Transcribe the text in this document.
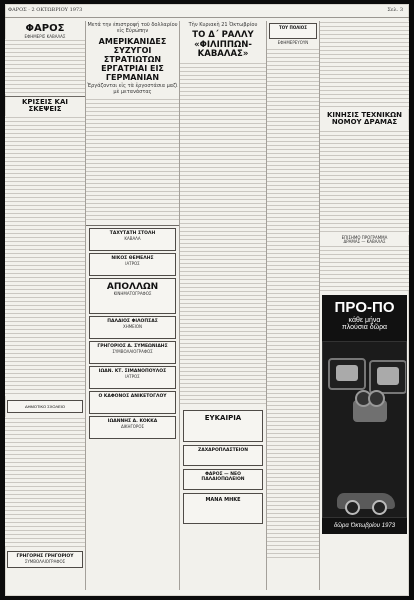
ΦΑΡΟΣ · 2 ΟΚΤΩΒΡΙΟΥ 1973	Σελ. 3
ΦΑΡΟΣ
ΕΦΗΜΕΡΙΣ ΚΑΒΑΛΑΣ
ΚΡΙΣΕΙΣ ΚΑΙ ΣΚΕΨΕΙΣ
ΔΗΜΟΤΙΚΟ ΣΧΟΛΕΙΟ
ΓΡΗΓΟΡΗΣ ΓΡΗΓΟΡΙΟΥ
ΣΥΜΒΟΛΑΙΟΓΡΑΦΟΣ
Μετά την έπιστροφή τοῦ δολλαρίου εἰς Εὐρώπην
ΑΜΕΡΙΚΑΝΙΔΕΣ ΣΥΖΥΓΟΙ ΣΤΡΑΤΙΩΤΩΝ ΕΡΓΑΤΡΙΑΙ ΕΙΣ ΓΕΡΜΑΝΙΑΝ
Ἐργάζονται εἰς τὰ ἐργοστάσια μαζὶ μὲ μετανάστας
ΤΑΧΥΤΑΤΗ ΣΤΟΛΗ
ΚΑΒΑΛΑ
ΝΙΚΟΣ ΘΕΜΕΛΗΣ
ΙΑΤΡΟΣ
ΑΠΟΛΛΩΝ
ΚΙΝΗΜΑΤΟΓΡΑΦΟΣ
ΠΑΛΑΙΟΣ ΦΙΛΟΠΣΑΣ
ΧΗΜΕΙΟΝ
ΓΡΗΓΟΡΙΟΣ Α. ΣΥΜΕΩΝΙΔΗΣ
ΣΥΜΒΟΛΑΙΟΓΡΑΦΟΣ
ΙΩΑΝ. ΚΤ. ΣΙΜΑΝΟΠΟΥΛΟΣ
ΙΑΤΡΟΣ
Ο ΚΑΦΟΝΟΣ ΑΝΙΚΕΤΟΓΛΟΥ
ΙΩΑΝΝΗΣ Α. ΚΟΚΚΑ
ΔΙΚΗΓΟΡΟΣ
Τὴν Κυριακὴ 21 Ὀκτωβρίου
ΤΟ Δ΄ ΡΑΛΛΥ «ΦΙΛΙΠΠΩΝ-ΚΑΒΑΛΑΣ»
ΕΥΚΑΙΡΙΑ
ΖΑΧΑΡΟΠΛΑΣΤΕΙΟΝ
ΦΑΡΟΣ — ΝΕΟ ΠΑΛΑΙΟΠΩΛΕΙΟΝ
ΜΑΝΑ ΜΗΚΕ
ΤΟΥ ΠΟΛΙΟΣ
ΕΦΗΜΕΡΕΥΟΥΝ
ΚΙΝΗΣΙΣ ΤΕΧΝΙΚΩΝ ΝΟΜΟΥ ΔΡΑΜΑΣ
ΕΠΙΣΗΜΟ ΠΡΟΓΡΑΜΜΑ
ΔΡΑΜΑΣ — ΚΑΒΑΛΑΣ
ΠΡΟ-ΠΟ
κάθε μήνα
πλούσια δῶρα
δῶρα Ὀκτωβρίου 1973
